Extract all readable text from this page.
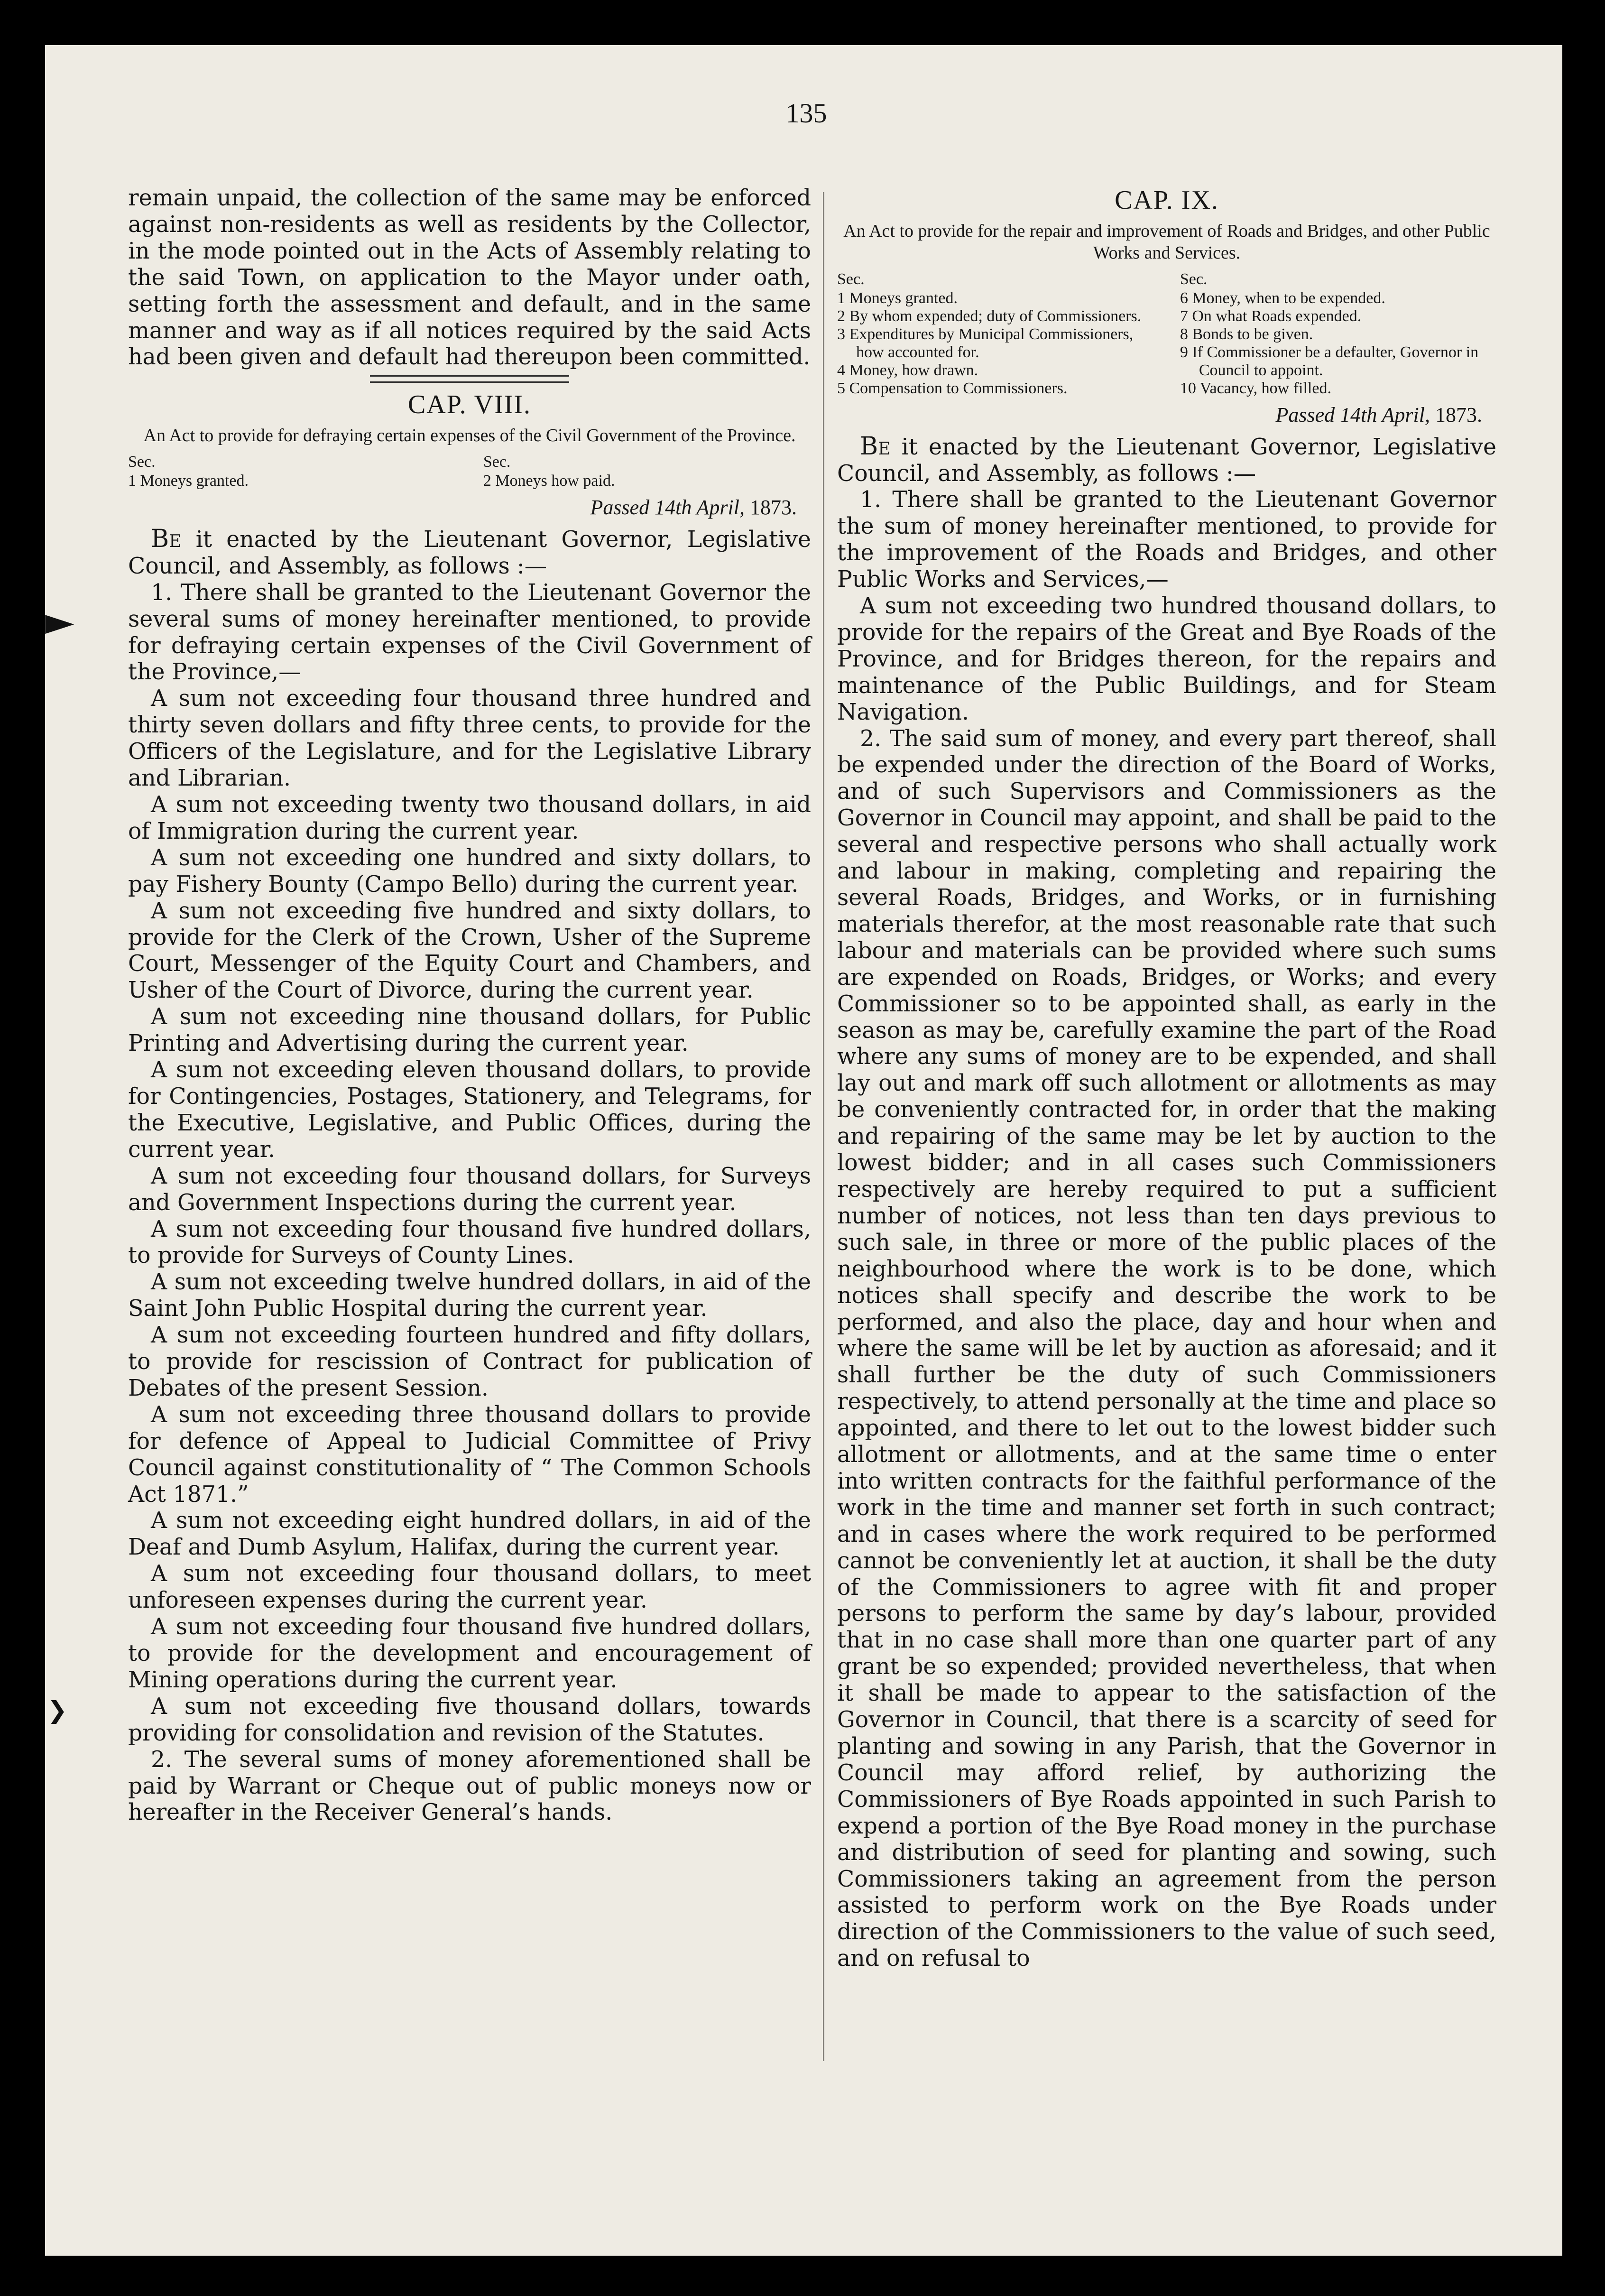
135
►
❯

remain unpaid, the collection of the same may be enforced against non-residents as well as residents by the Collector, in the mode pointed out in the Acts of Assembly relating to the said Town, on application to the Mayor under oath, setting forth the assessment and default, and in the same manner and way as if all notices required by the said Acts had been given and default had thereupon been committed.

CAP. VIII.
An Act to provide for defraying certain expenses of the Civil Government of the Province.
Sec.
1 Moneys granted.
Sec.
2 Moneys how paid.
Passed 14th April, 1873.

Be it enacted by the Lieutenant Governor, Legislative Council, and Assembly, as follows :—

1. There shall be granted to the Lieutenant Governor the several sums of money hereinafter mentioned, to provide for defraying certain expenses of the Civil Government of the Province,—

A sum not exceeding four thousand three hundred and thirty seven dollars and fifty three cents, to provide for the Officers of the Legislature, and for the Legislative Library and Librarian.

A sum not exceeding twenty two thousand dollars, in aid of Immigration during the current year.

A sum not exceeding one hundred and sixty dollars, to pay Fishery Bounty (Campo Bello) during the current year.

A sum not exceeding five hundred and sixty dollars, to provide for the Clerk of the Crown, Usher of the Supreme Court, Messenger of the Equity Court and Chambers, and Usher of the Court of Divorce, during the current year.

A sum not exceeding nine thousand dollars, for Public Printing and Advertising during the current year.

A sum not exceeding eleven thousand dollars, to provide for Contingencies, Postages, Stationery, and Telegrams, for the Executive, Legislative, and Public Offices, during the current year.

A sum not exceeding four thousand dollars, for Surveys and Government Inspections during the current year.

A sum not exceeding four thousand five hundred dollars, to provide for Surveys of County Lines.

A sum not exceeding twelve hundred dollars, in aid of the Saint John Public Hospital during the current year.

A sum not exceeding fourteen hundred and fifty dollars, to provide for rescission of Contract for publication of Debates of the present Session.

A sum not exceeding three thousand dollars to provide for defence of Appeal to Judicial Committee of Privy Council against constitutionality of “ The Common Schools Act 1871.”

A sum not exceeding eight hundred dollars, in aid of the Deaf and Dumb Asylum, Halifax, during the current year.

A sum not exceeding four thousand dollars, to meet unforeseen expenses during the current year.

A sum not exceeding four thousand five hundred dollars, to provide for the development and encouragement of Mining operations during the current year.

A sum not exceeding five thousand dollars, towards providing for consolidation and revision of the Statutes.

2. The several sums of money aforementioned shall be paid by Warrant or Cheque out of public moneys now or hereafter in the Receiver General’s hands.

CAP. IX.
An Act to provide for the repair and improvement of Roads and Bridges, and other Public Works and Services.
Sec.
1 Moneys granted.
2 By whom expended; duty of Commissioners.
3 Expenditures by Municipal Commissioners, how accounted for.
4 Money, how drawn.
5 Compensation to Commissioners.
Sec.
6 Money, when to be expended.
7 On what Roads expended.
8 Bonds to be given.
9 If Commissioner be a defaulter, Governor in Council to appoint.
10 Vacancy, how filled.
Passed 14th April, 1873.

Be it enacted by the Lieutenant Governor, Legislative Council, and Assembly, as follows :—

1. There shall be granted to the Lieutenant Governor the sum of money hereinafter mentioned, to provide for the improvement of the Roads and Bridges, and other Public Works and Services,—

A sum not exceeding two hundred thousand dollars, to provide for the repairs of the Great and Bye Roads of the Province, and for Bridges thereon, for the repairs and maintenance of the Public Buildings, and for Steam Navigation.

2. The said sum of money, and every part thereof, shall be expended under the direction of the Board of Works, and of such Supervisors and Commissioners as the Governor in Council may appoint, and shall be paid to the several and respective persons who shall actually work and labour in making, completing and repairing the several Roads, Bridges, and Works, or in furnishing materials therefor, at the most reasonable rate that such labour and materials can be provided where such sums are expended on Roads, Bridges, or Works; and every Commissioner so to be appointed shall, as early in the season as may be, carefully examine the part of the Road where any sums of money are to be expended, and shall lay out and mark off such allotment or allotments as may be conveniently contracted for, in order that the making and repairing of the same may be let by auction to the lowest bidder; and in all cases such Commissioners respectively are hereby required to put a sufficient number of notices, not less than ten days previous to such sale, in three or more of the public places of the neighbourhood where the work is to be done, which notices shall specify and describe the work to be performed, and also the place, day and hour when and where the same will be let by auction as aforesaid; and it shall further be the duty of such Commissioners respectively, to attend personally at the time and place so appointed, and there to let out to the lowest bidder such allotment or allotments, and at the same time o enter into written contracts for the faithful performance of the work in the time and manner set forth in such contract; and in cases where the work required to be performed cannot be conveniently let at auction, it shall be the duty of the Commissioners to agree with fit and proper persons to perform the same by day’s labour, provided that in no case shall more than one quarter part of any grant be so expended; provided nevertheless, that when it shall be made to appear to the satisfaction of the Governor in Council, that there is a scarcity of seed for planting and sowing in any Parish, that the Governor in Council may afford relief, by authorizing the Commissioners of Bye Roads appointed in such Parish to expend a portion of the Bye Road money in the purchase and distribution of seed for planting and sowing, such Commissioners taking an agreement from the person assisted to perform work on the Bye Roads under direction of the Commissioners to the value of such seed, and on refusal to
